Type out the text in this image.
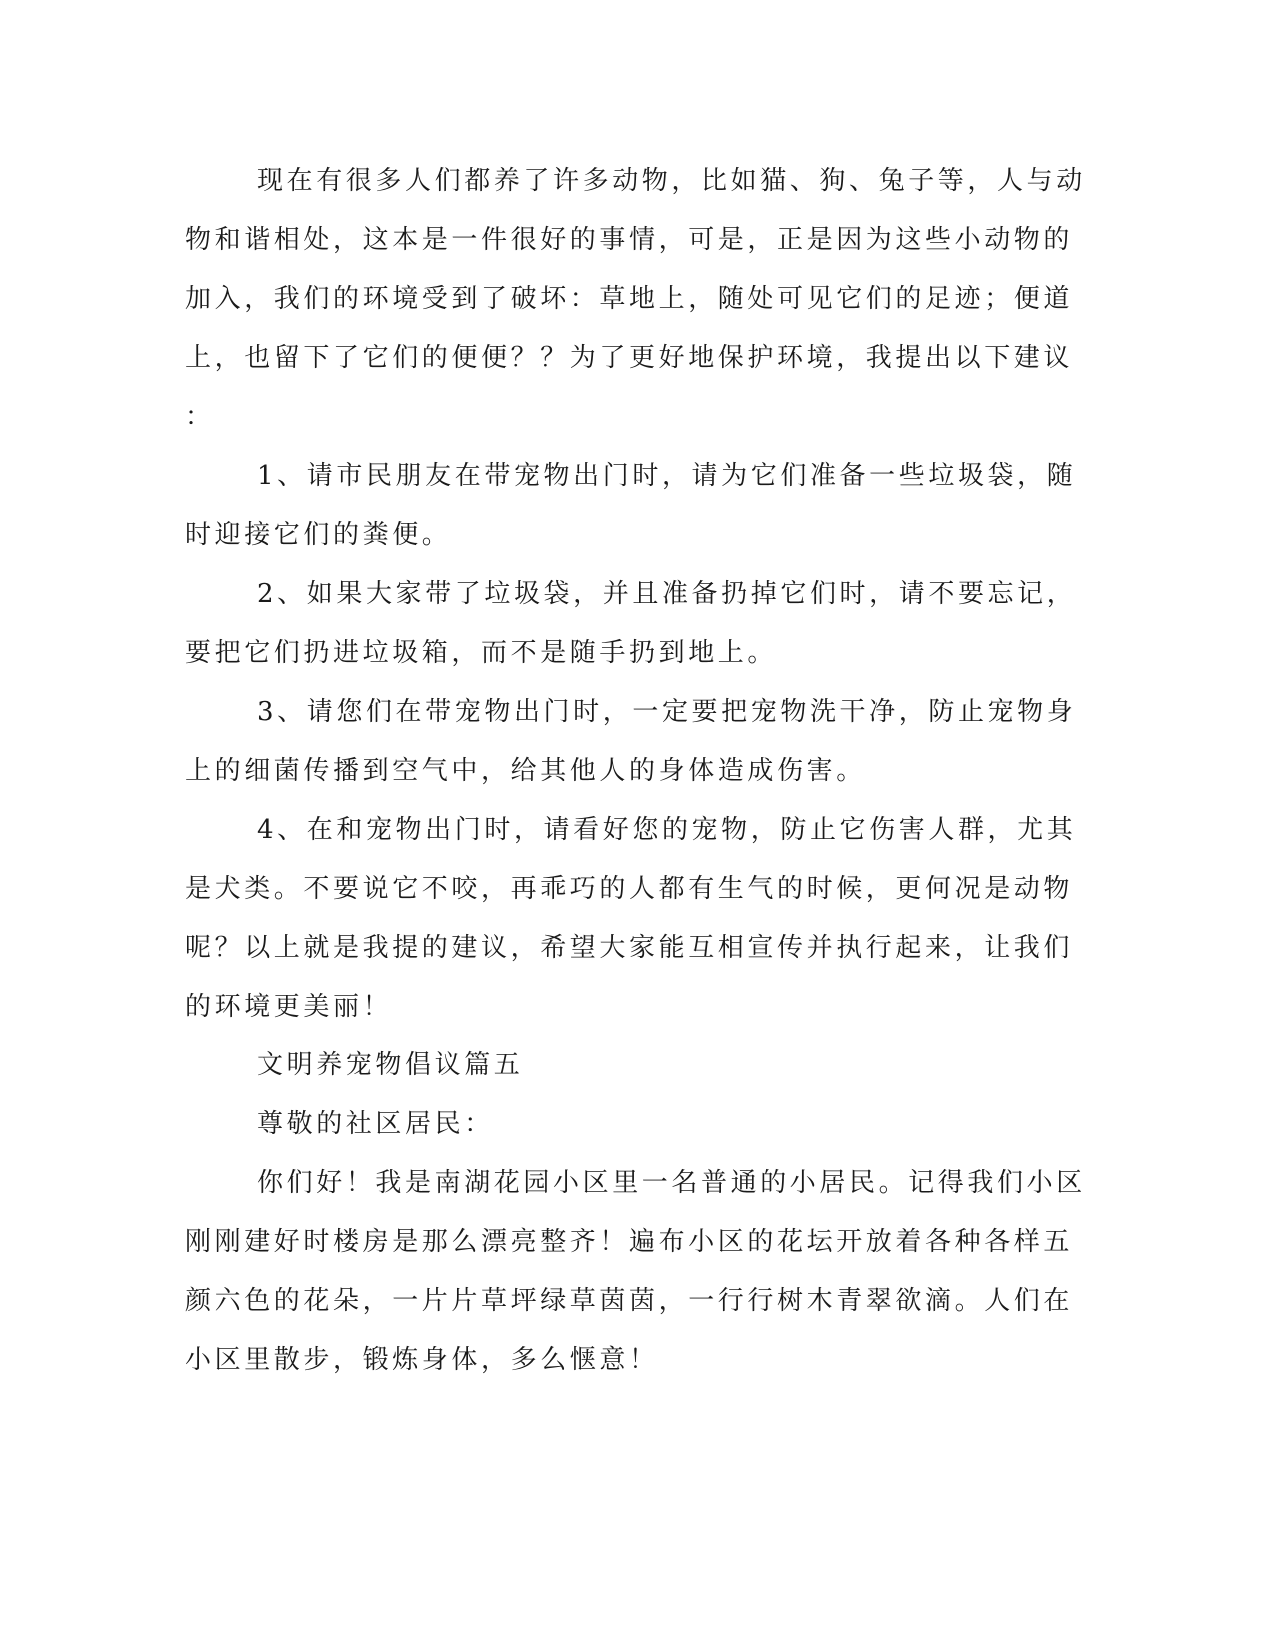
现在有很多人们都养了许多动物，比如猫、狗、兔子等，人与动
物和谐相处，这本是一件很好的事情，可是，正是因为这些小动物的
加入，我们的环境受到了破坏：草地上，随处可见它们的足迹；便道
上，也留下了它们的便便？？为了更好地保护环境，我提出以下建议
：
1、请市民朋友在带宠物出门时，请为它们准备一些垃圾袋，随
时迎接它们的粪便。
2、如果大家带了垃圾袋，并且准备扔掉它们时，请不要忘记，
要把它们扔进垃圾箱，而不是随手扔到地上。
3、请您们在带宠物出门时，一定要把宠物洗干净，防止宠物身
上的细菌传播到空气中，给其他人的身体造成伤害。
4、在和宠物出门时，请看好您的宠物，防止它伤害人群，尤其
是犬类。不要说它不咬，再乖巧的人都有生气的时候，更何况是动物
呢？以上就是我提的建议，希望大家能互相宣传并执行起来，让我们
的环境更美丽！
文明养宠物倡议篇五
尊敬的社区居民：
你们好！我是南湖花园小区里一名普通的小居民。记得我们小区
刚刚建好时楼房是那么漂亮整齐！遍布小区的花坛开放着各种各样五
颜六色的花朵，一片片草坪绿草茵茵，一行行树木青翠欲滴。人们在
小区里散步，锻炼身体，多么惬意！
